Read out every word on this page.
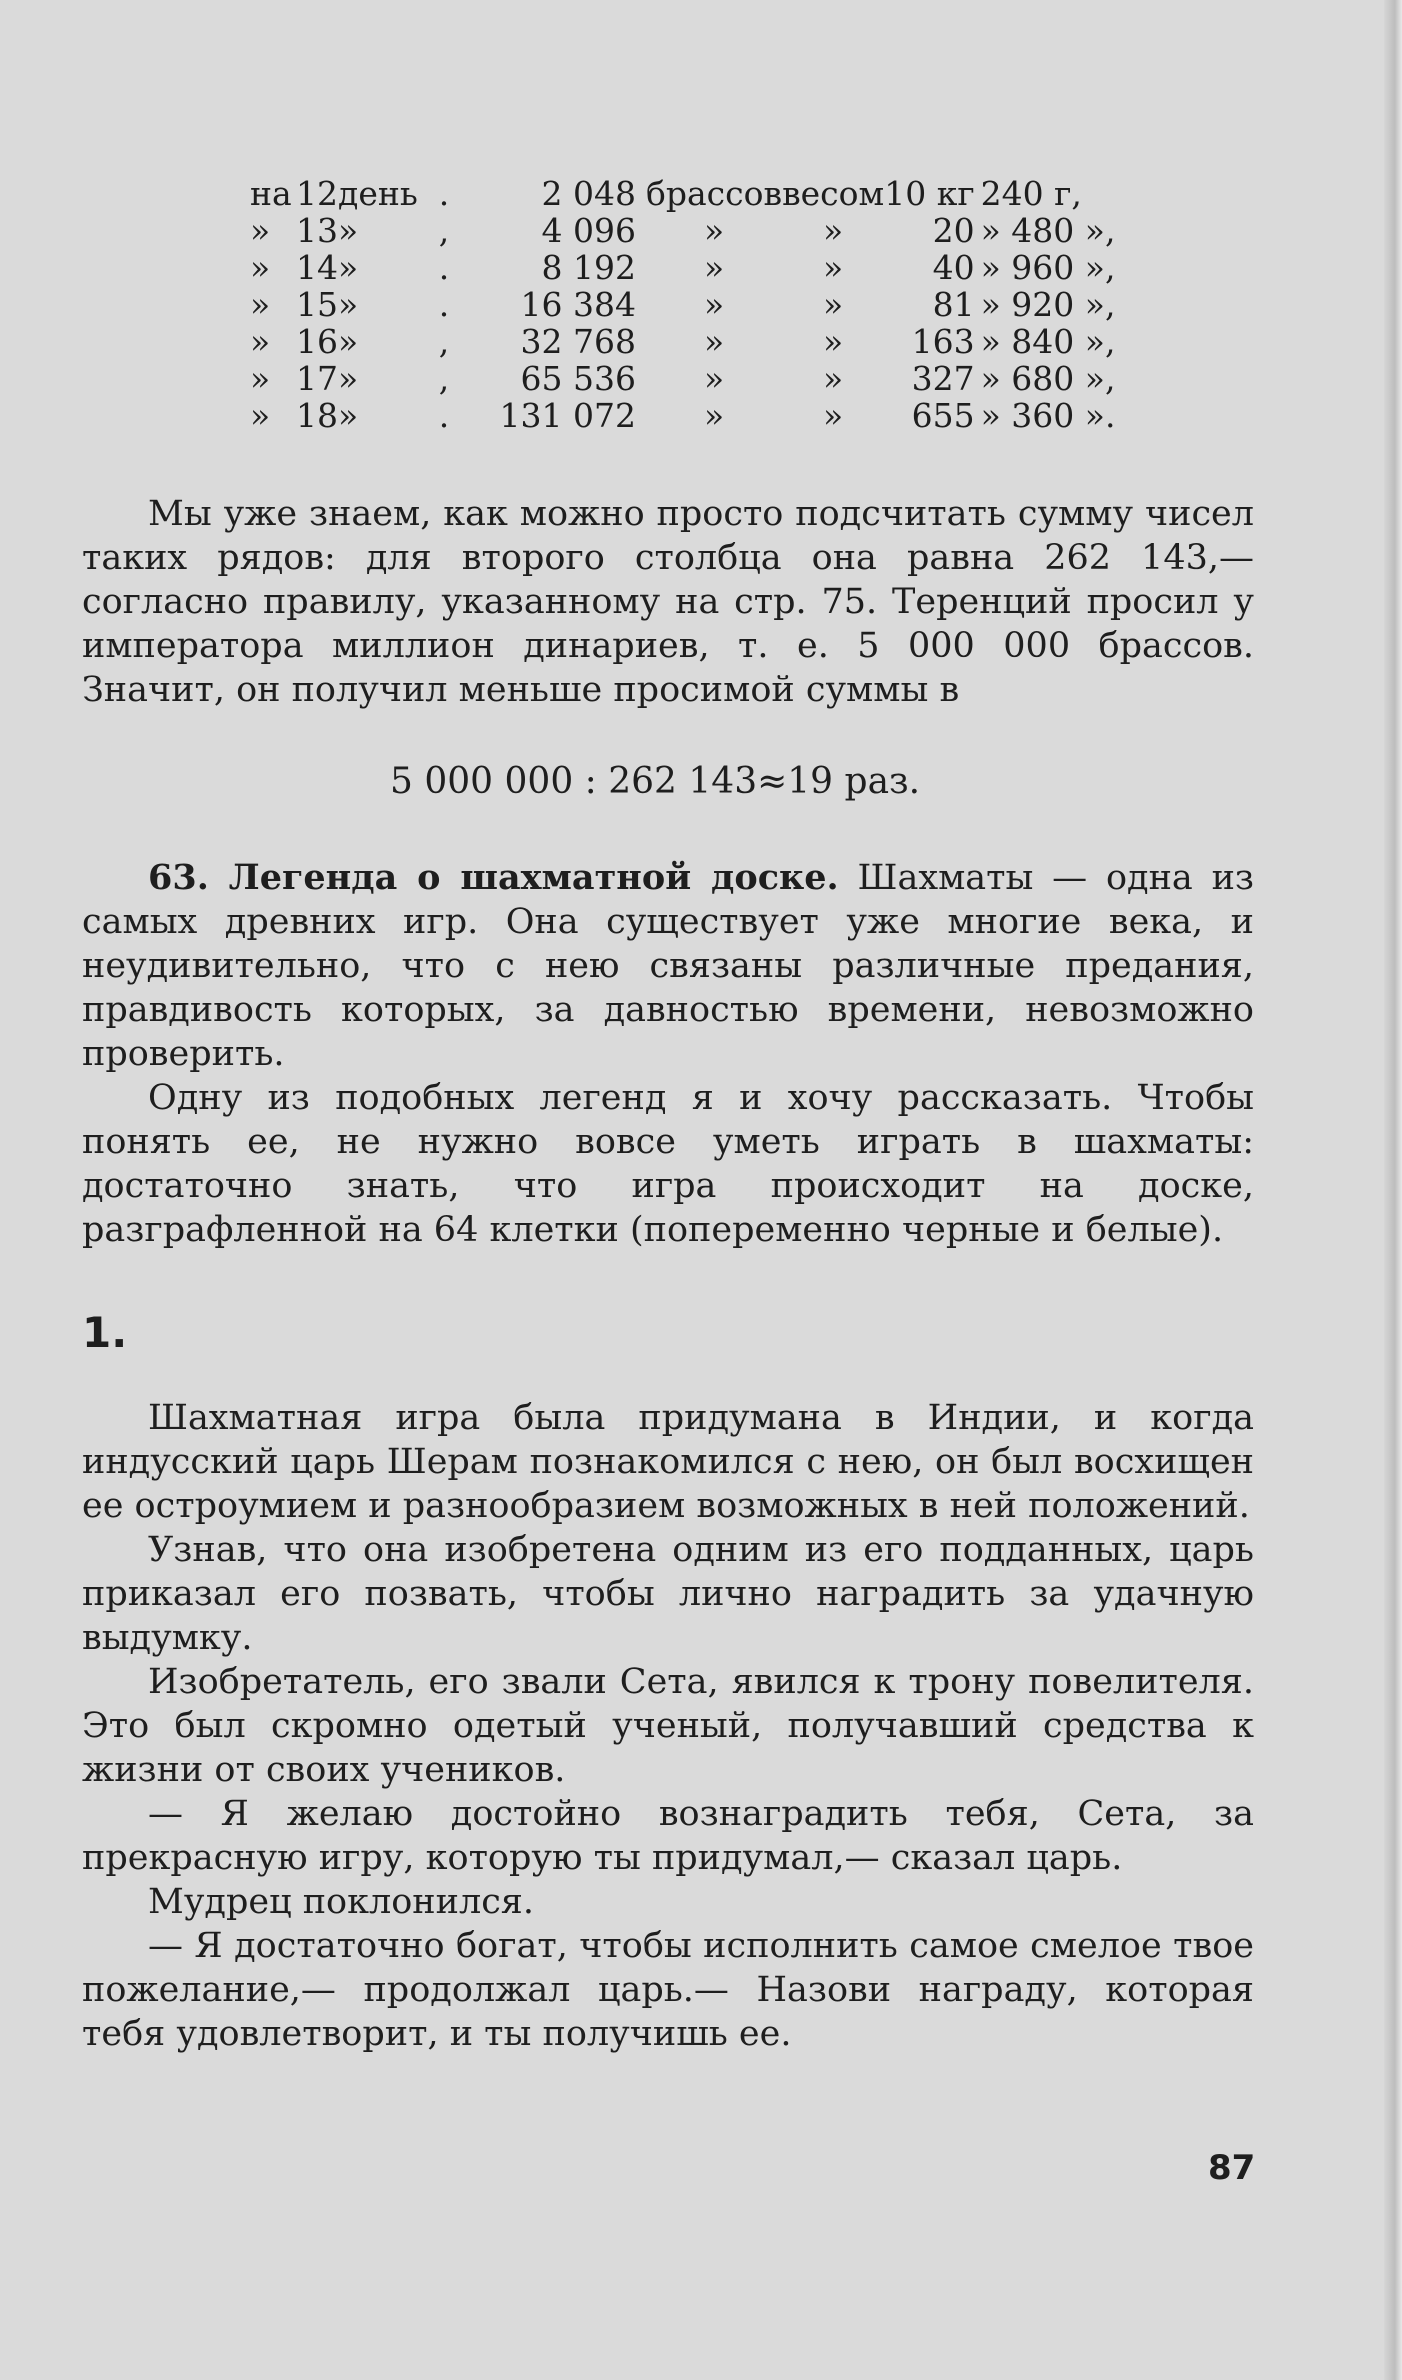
на	12	день	.	2 048	брассов	весом	10 кг	240 г,
»	13	»	,	4 096	»	»	20	» 480 »,
»	14	»	.	8 192	»	»	40	» 960 »,
»	15	»	.	16 384	»	»	81	» 920 »,
»	16	»	,	32 768	»	»	163	» 840 »,
»	17	»	,	65 536	»	»	327	» 680 »,
»	18	»	.	131 072	»	»	655	» 360 ».

Мы уже знаем, как можно просто подсчитать сумму чисел таких рядов: для второго столбца она равна 262 143,— согласно правилу, указанному на стр. 75. Теренций просил у императора миллион динариев, т. е. 5 000 000 брассов. Значит, он получил меньше просимой суммы в

5 000 000 : 262 143≈19 раз.

63. Легенда о шахматной доске. Шахматы — одна из самых древних игр. Она существует уже многие века, и неудивительно, что с нею связаны различные предания, правдивость которых, за давностью времени, невозможно проверить.

Одну из подобных легенд я и хочу рассказать. Чтобы понять ее, не нужно вовсе уметь играть в шахматы: достаточно знать, что игра происходит на доске, разграфленной на 64 клетки (попеременно черные и белые).

1.

Шахматная игра была придумана в Индии, и когда индусский царь Шерам познакомился с нею, он был восхищен ее остроумием и разнообразием возможных в ней положений.

Узнав, что она изобретена одним из его подданных, царь приказал его позвать, чтобы лично наградить за удачную выдумку.

Изобретатель, его звали Сета, явился к трону повелителя. Это был скромно одетый ученый, получавший средства к жизни от своих учеников.

— Я желаю достойно вознаградить тебя, Сета, за прекрасную игру, которую ты придумал,— сказал царь.

Мудрец поклонился.

— Я достаточно богат, чтобы исполнить самое смелое твое пожелание,— продолжал царь.— Назови награду, которая тебя удовлетворит, и ты получишь ее.

87
